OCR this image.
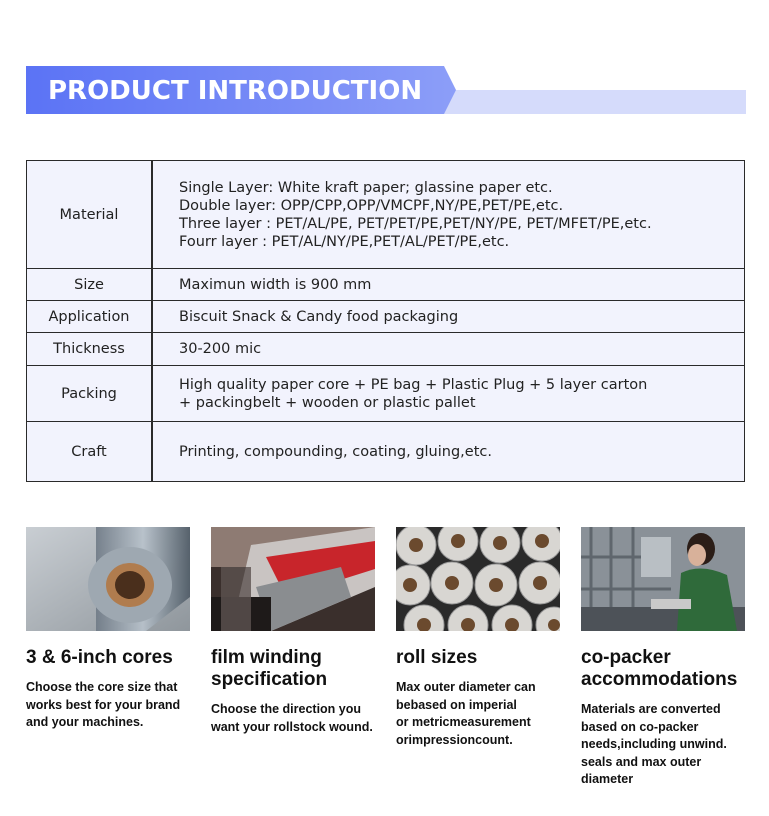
PRODUCT INTRODUCTION
Material	Single Layer: White kraft paper; glassine paper etc.
Double layer: OPP/CPP,OPP/VMCPF,NY/PE,PET/PE,etc.
Three layer : PET/AL/PE, PET/PET/PE,PET/NY/PE, PET/MFET/PE,etc.
Fourr layer : PET/AL/NY/PE,PET/AL/PET/PE,etc.

Size	Maximun width is 900 mm

Application	Biscuit Snack & Candy food packaging

Thickness	30-200 mic

Packing	High quality paper core + PE bag + Plastic Plug + 5 layer carton
+ packingbelt + wooden or plastic pallet

Craft	Printing, compounding, coating, gluing,etc.
3 & 6-inch cores
Choose the core size that
works best for your brand
and your machines.
film winding
specification
Choose the direction you
want your rollstock wound.
roll sizes
Max outer diameter can
bebased on imperial
or metricmeasurement
orimpressioncount.
co-packer
accommodations
Materials are converted
based on co-packer
needs,including unwind.
seals and max outer
diameter
